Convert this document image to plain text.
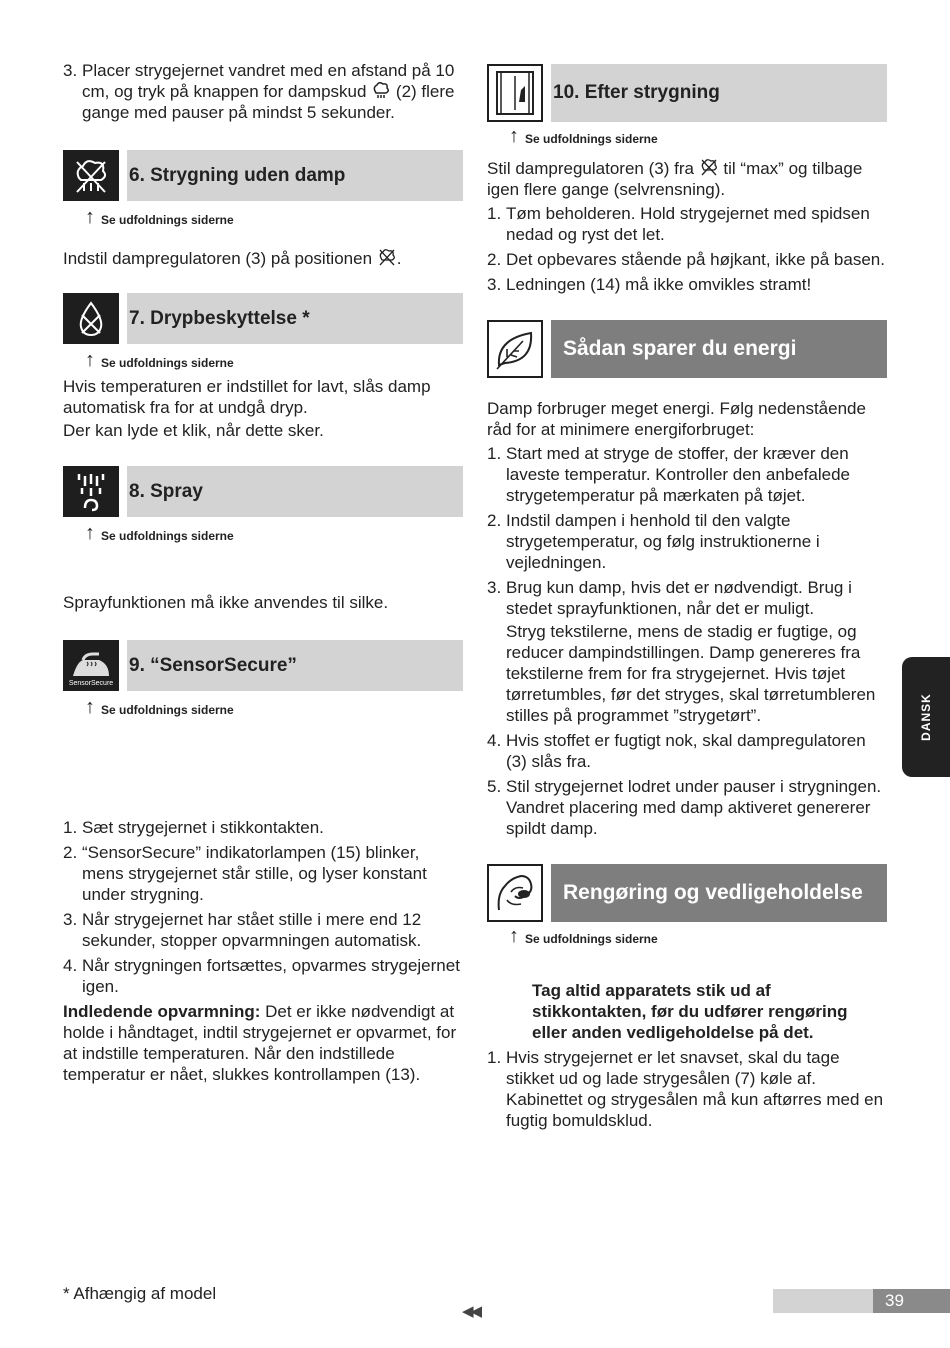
3. Placer strygejernet vandret med en afstand på 10 cm, og tryk på knappen for dampskud (2) flere gange med pauser på mindst 5 sekunder.
6. Strygning uden damp
↑ Se udfoldnings siderne

Indstil dampregulatoren (3) på positionen .

7. Drypbeskyttelse *
↑ Se udfoldnings siderne

Hvis temperaturen er indstillet for lavt, slås damp automatisk fra for at undgå dryp.

Der kan lyde et klik, når dette sker.

8. Spray
↑ Se udfoldnings siderne

Sprayfunktionen må ikke anvendes til silke.

SensorSecure
9. “SensorSecure”
↑ Se udfoldnings siderne
1. Sæt strygejernet i stikkontakten.
2. “SensorSecure” indikatorlampen (15) blinker, mens strygejernet står stille, og lyser konstant under strygning.
3. Når strygejernet har stået stille i mere end 12 sekunder, stopper opvarmningen automatisk.
4. Når strygningen fortsættes, opvarmes strygejernet igen.

Indledende opvarmning: Det er ikke nødvendigt at holde i håndtaget, indtil strygejernet er opvarmet, for at indstille temperaturen. Når den indstillede temperatur er nået, slukkes kontrollampen (13).

10. Efter strygning
↑ Se udfoldnings siderne

Stil dampregulatoren (3) fra til “max” og tilbage igen flere gange (selvrensning).

1. Tøm beholderen. Hold strygejernet med spidsen nedad og ryst det let.
2. Det opbevares stående på højkant, ikke på basen.
3. Ledningen (14) må ikke omvikles stramt!
Sådan sparer du energi

Damp forbruger meget energi. Følg nedenstående råd for at minimere energiforbruget:

1. Start med at stryge de stoffer, der kræver den laveste temperatur. Kontroller den anbefalede strygetemperatur på mærkaten på tøjet.
2. Indstil dampen i henhold til den valgte strygetemperatur, og følg instruktionerne i vejledningen.
3. Brug kun damp, hvis det er nødvendigt. Brug i stedet sprayfunktionen, når det er muligt.
Stryg tekstilerne, mens de stadig er fugtige, og reducer dampindstillingen. Damp genereres fra tekstilerne frem for fra strygejernet. Hvis tøjet tørretumbles, før det stryges, skal tørretumbleren stilles på programmet ”strygetørt”.
4. Hvis stoffet er fugtigt nok, skal dampregulatoren (3) slås fra.
5. Stil strygejernet lodret under pauser i strygningen. Vandret placering med damp aktiveret genererer spildt damp.
Rengøring og vedligeholdelse
↑ Se udfoldnings siderne

Tag altid apparatets stik ud af stikkontakten, før du udfører rengøring eller anden vedligeholdelse på det.

1. Hvis strygejernet er let snavset, skal du tage stikket ud og lade strygesålen (7) køle af. Kabinettet og strygesålen må kun aftørres med en fugtig bomuldsklud.
DANSK
* Afhængig af model
◀◀
39
